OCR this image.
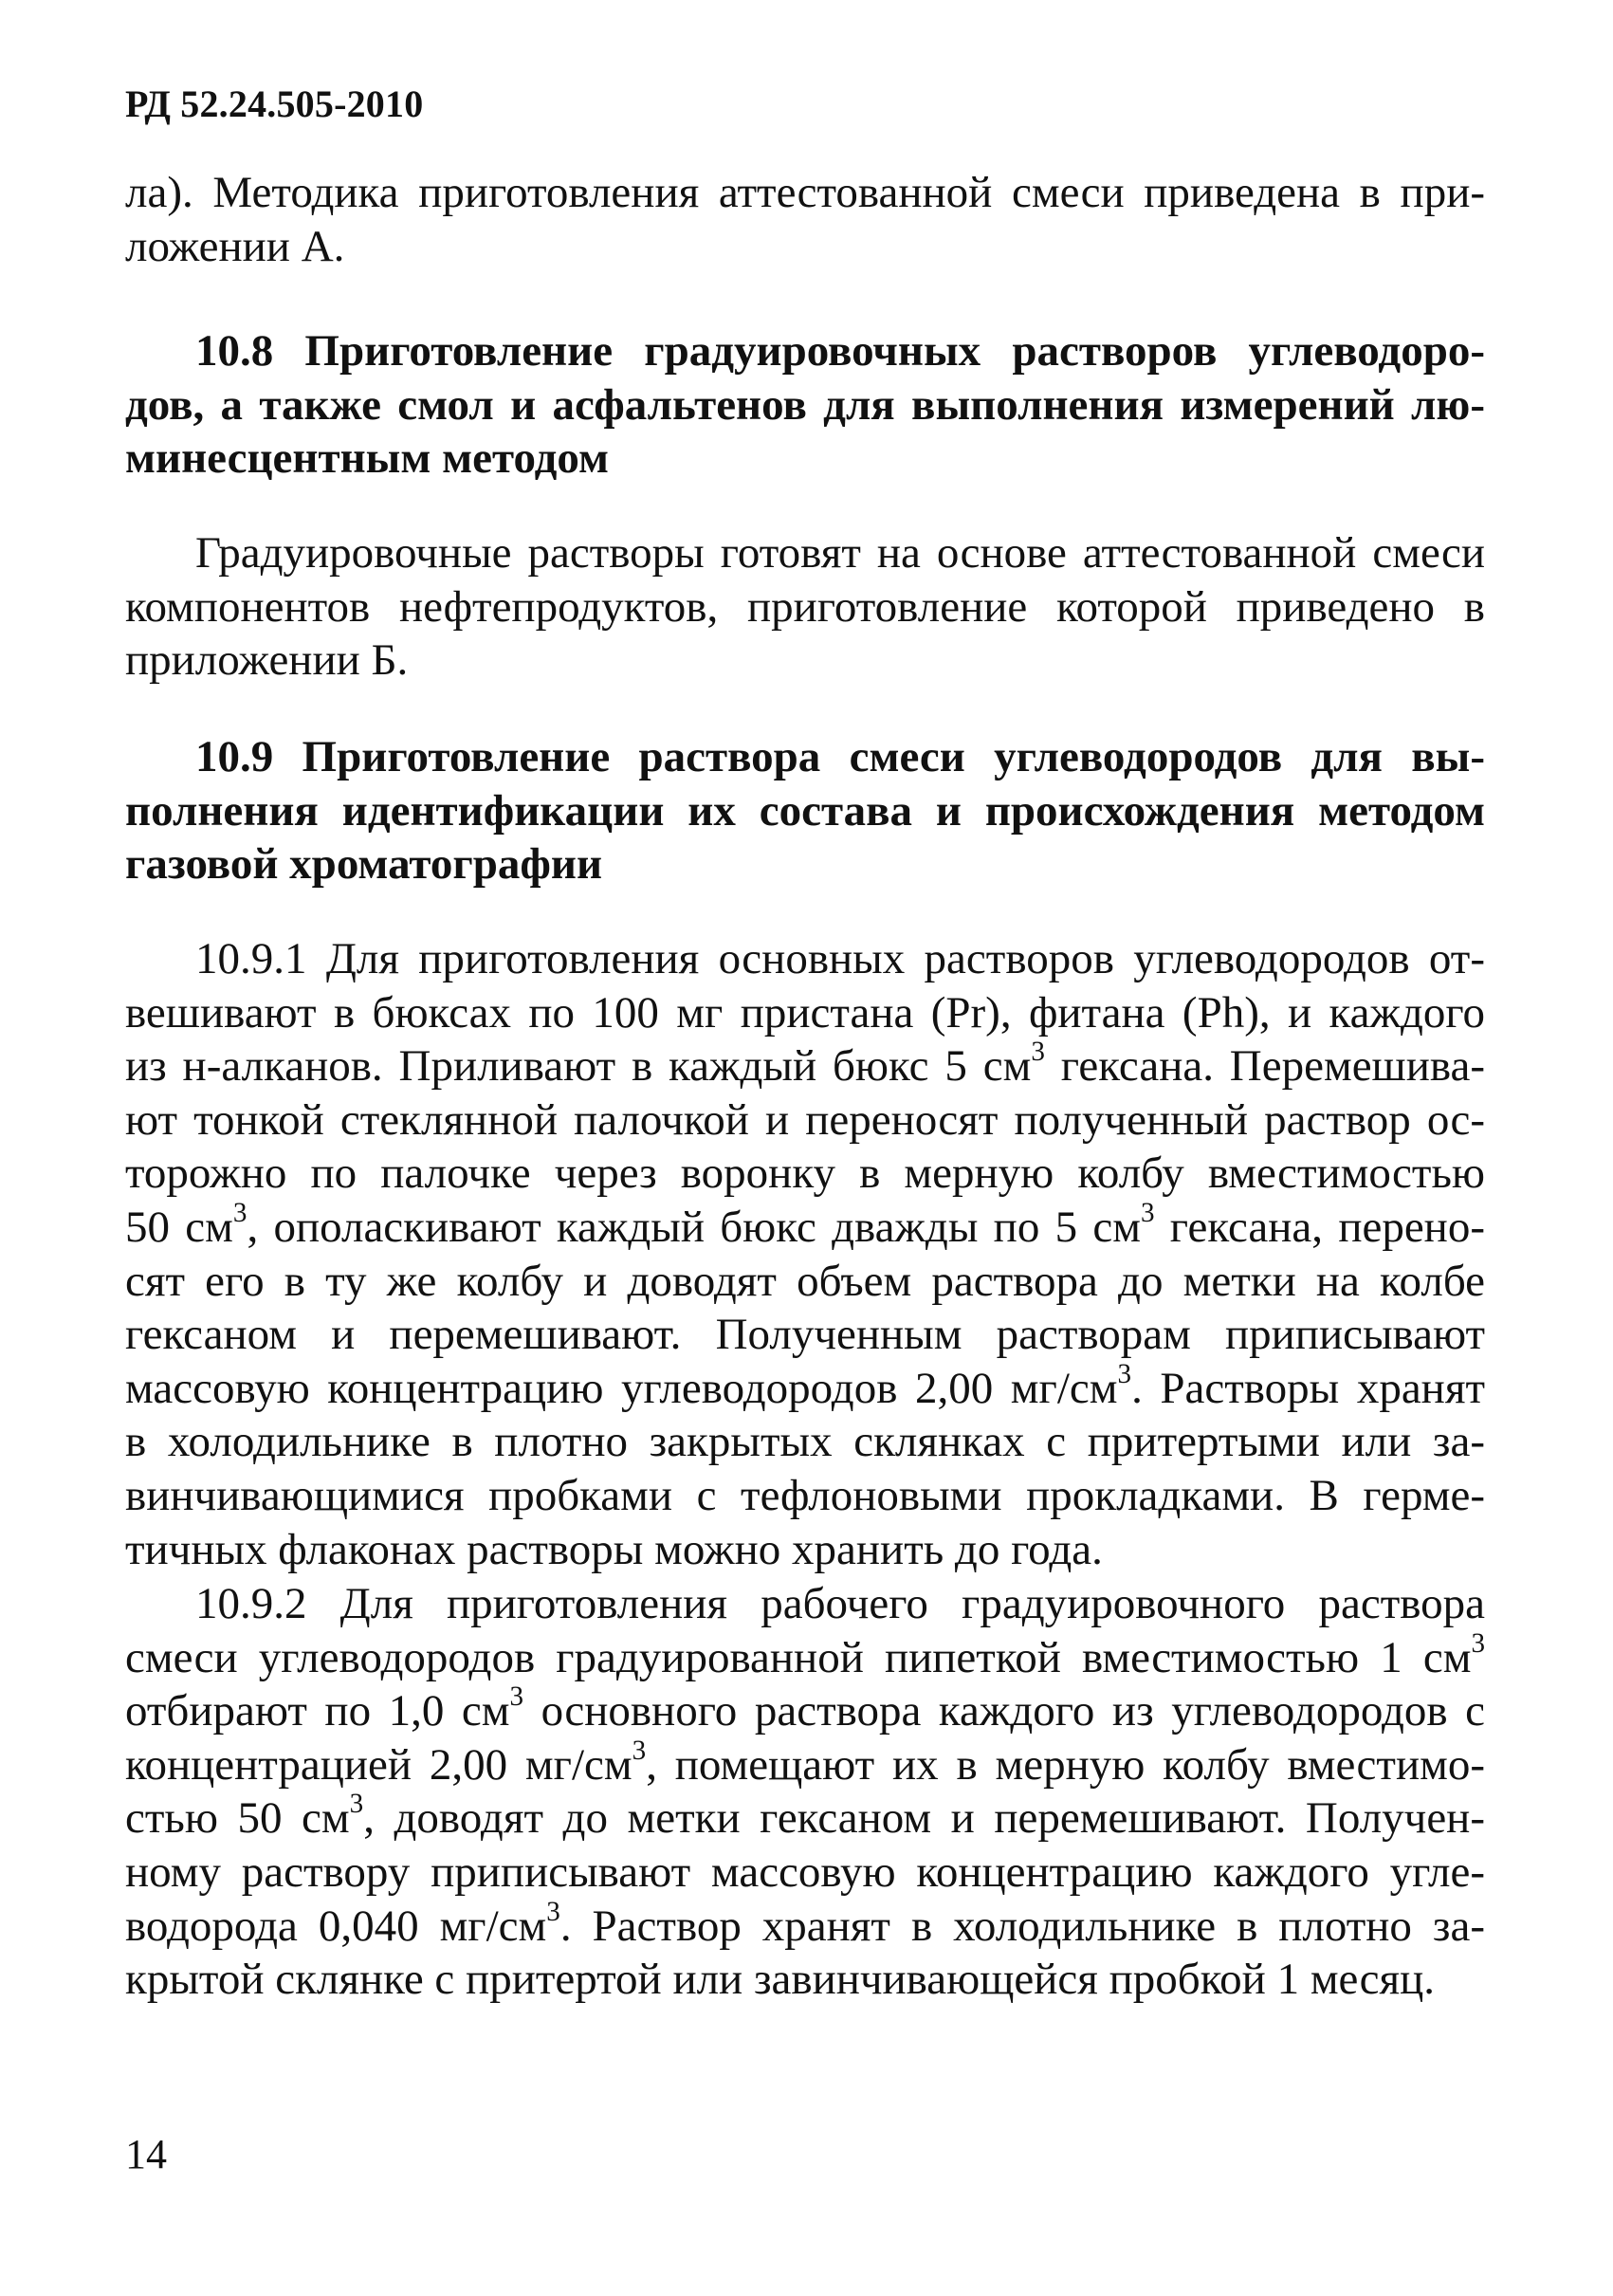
РД 52.24.505-2010
ла). Методика приготовления аттестованной смеси приведена в при-
ложении А.
10.8 Приготовление градуировочных растворов углеводоро-
дов, а также смол и асфальтенов для выполнения измерений лю-
минесцентным методом
Градуировочные растворы готовят на основе аттестованной смеси
компонентов нефтепродуктов, приготовление которой приведено в
приложении Б.
10.9 Приготовление раствора смеси углеводородов для вы-
полнения идентификации их состава и происхождения методом
газовой хроматографии
10.9.1 Для приготовления основных растворов углеводородов от-
вешивают в бюксах по 100 мг пристана (Pr), фитана (Ph), и каждого
из н-алканов. Приливают в каждый бюкс 5 $см^3$ гексана. Перемешива-
ют тонкой стеклянной палочкой и переносят полученный раствор ос-
торожно по палочке через воронку в мерную колбу вместимостью
50 $см^3$, ополаскивают каждый бюкс дважды по 5 $см^3$ гексана, перено-
сят его в ту же колбу и доводят объем раствора до метки на колбе
гексаном и перемешивают. Полученным растворам приписывают
массовую концентрацию углеводородов 2,00 $мг/см^3$. Растворы хранят
в холодильнике в плотно закрытых склянках с притертыми или за-
винчивающимися пробками с тефлоновыми прокладками. В герме-
тичных флаконах растворы можно хранить до года.
10.9.2 Для приготовления рабочего градуировочного раствора
смеси углеводородов градуированной пипеткой вместимостью 1 $см^3$
отбирают по 1,0 $см^3$ основного раствора каждого из углеводородов с
концентрацией 2,00 $мг/см^3$, помещают их в мерную колбу вместимо-
стью 50 $см^3$, доводят до метки гексаном и перемешивают. Получен-
ному раствору приписывают массовую концентрацию каждого угле-
водорода 0,040 $мг/см^3$. Раствор хранят в холодильнике в плотно за-
крытой склянке с притертой или завинчивающейся пробкой 1 месяц.
14
